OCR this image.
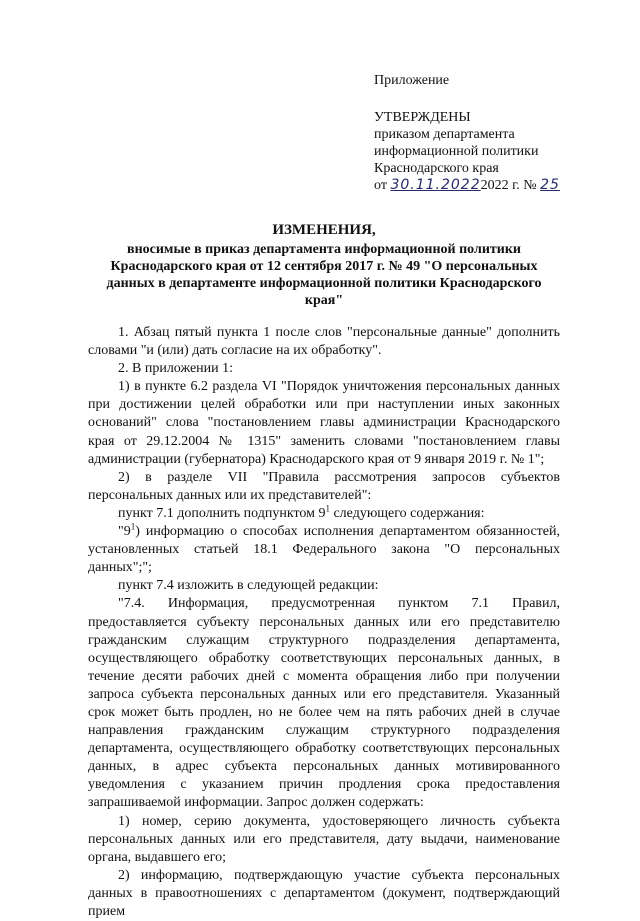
Приложение
УТВЕРЖДЕНЫ
приказом департамента
информационной политики
Краснодарского края
от 30.11.20222022 г. № 25
ИЗМЕНЕНИЯ,
вносимые в приказ департамента информационной политики Краснодарского края от 12 сентября 2017 г. № 49 "О персональных данных в департаменте информационной политики Краснодарского края"

1. Абзац пятый пункта 1 после слов "персональные данные" дополнить словами "и (или) дать согласие на их обработку".

2. В приложении 1:

1) в пункте 6.2 раздела VI "Порядок уничтожения персональных данных при достижении целей обработки или при наступлении иных законных оснований" слова "постановлением главы администрации Краснодарского края от 29.12.2004 № 1315" заменить словами "постановлением главы администрации (губернатора) Краснодарского края от 9 января 2019 г. № 1";

2) в разделе VII "Правила рассмотрения запросов субъектов персональных данных или их представителей":

пункт 7.1 дополнить подпунктом $9^1$ следующего содержания:

"$9^1$) информацию о способах исполнения департаментом обязанностей, установленных статьей 18.1 Федерального закона "О персональных данных";";

пункт 7.4 изложить в следующей редакции:

"7.4. Информация, предусмотренная пунктом 7.1 Правил, предоставляется субъекту персональных данных или его представителю гражданским служащим структурного подразделения департамента, осуществляющего обработку соответствующих персональных данных, в течение десяти рабочих дней с момента обращения либо при получении запроса субъекта персональных данных или его представителя. Указанный срок может быть продлен, но не более чем на пять рабочих дней в случае направления гражданским служащим структурного подразделения департамента, осуществляющего обработку соответствующих персональных данных, в адрес субъекта персональных данных мотивированного уведомления с указанием причин продления срока предоставления запрашиваемой информации. Запрос должен содержать:

1) номер, серию документа, удостоверяющего личность субъекта персональных данных или его представителя, дату выдачи, наименование органа, выдавшего его;

2) информацию, подтверждающую участие субъекта персональных данных в правоотношениях с департаментом (документ, подтверждающий прием
